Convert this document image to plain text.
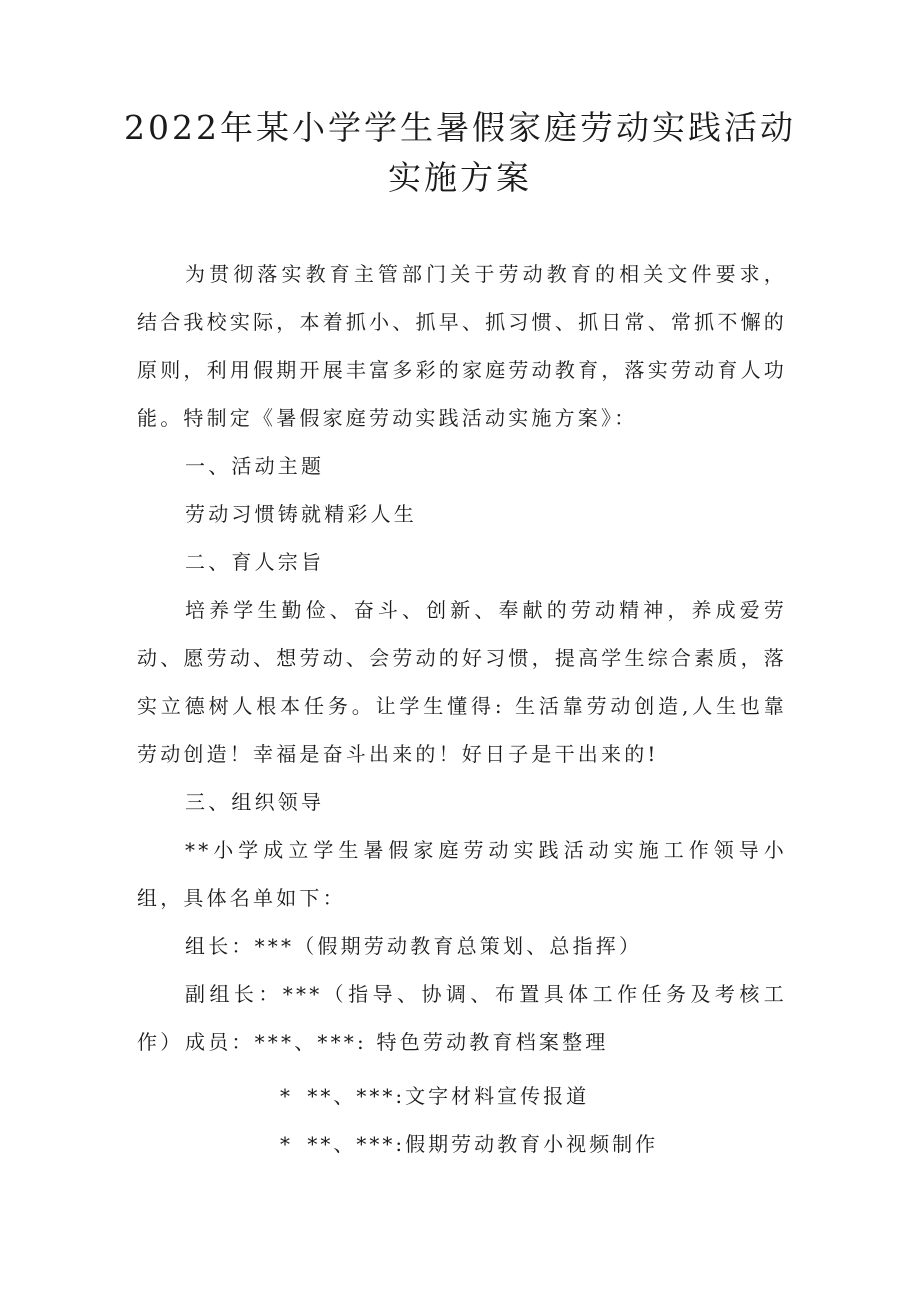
2022年某小学学生暑假家庭劳动实践活动
实施方案

为贯彻落实教育主管部门关于劳动教育的相关文件要求，结合我校实际，本着抓小、抓早、抓习惯、抓日常、常抓不懈的原则，利用假期开展丰富多彩的家庭劳动教育，落实劳动育人功能。特制定《暑假家庭劳动实践活动实施方案》：

一、活动主题

劳动习惯铸就精彩人生

二、育人宗旨

培养学生勤俭、奋斗、创新、奉献的劳动精神，养成爱劳动、愿劳动、想劳动、会劳动的好习惯，提高学生综合素质，落实立德树人根本任务。让学生懂得: 生活靠劳动创造,人生也靠劳动创造！幸福是奋斗出来的！好日子是干出来的!

三、组织领导

**小学成立学生暑假家庭劳动实践活动实施工作领导小组，具体名单如下：

组长：***（假期劳动教育总策划、总指挥）

副组长：***（指导、协调、布置具体工作任务及考核工作） 成员：***、***: 特色劳动教育档案整理

* **、***:文字材料宣传报道
* **、***:假期劳动教育小视频制作
